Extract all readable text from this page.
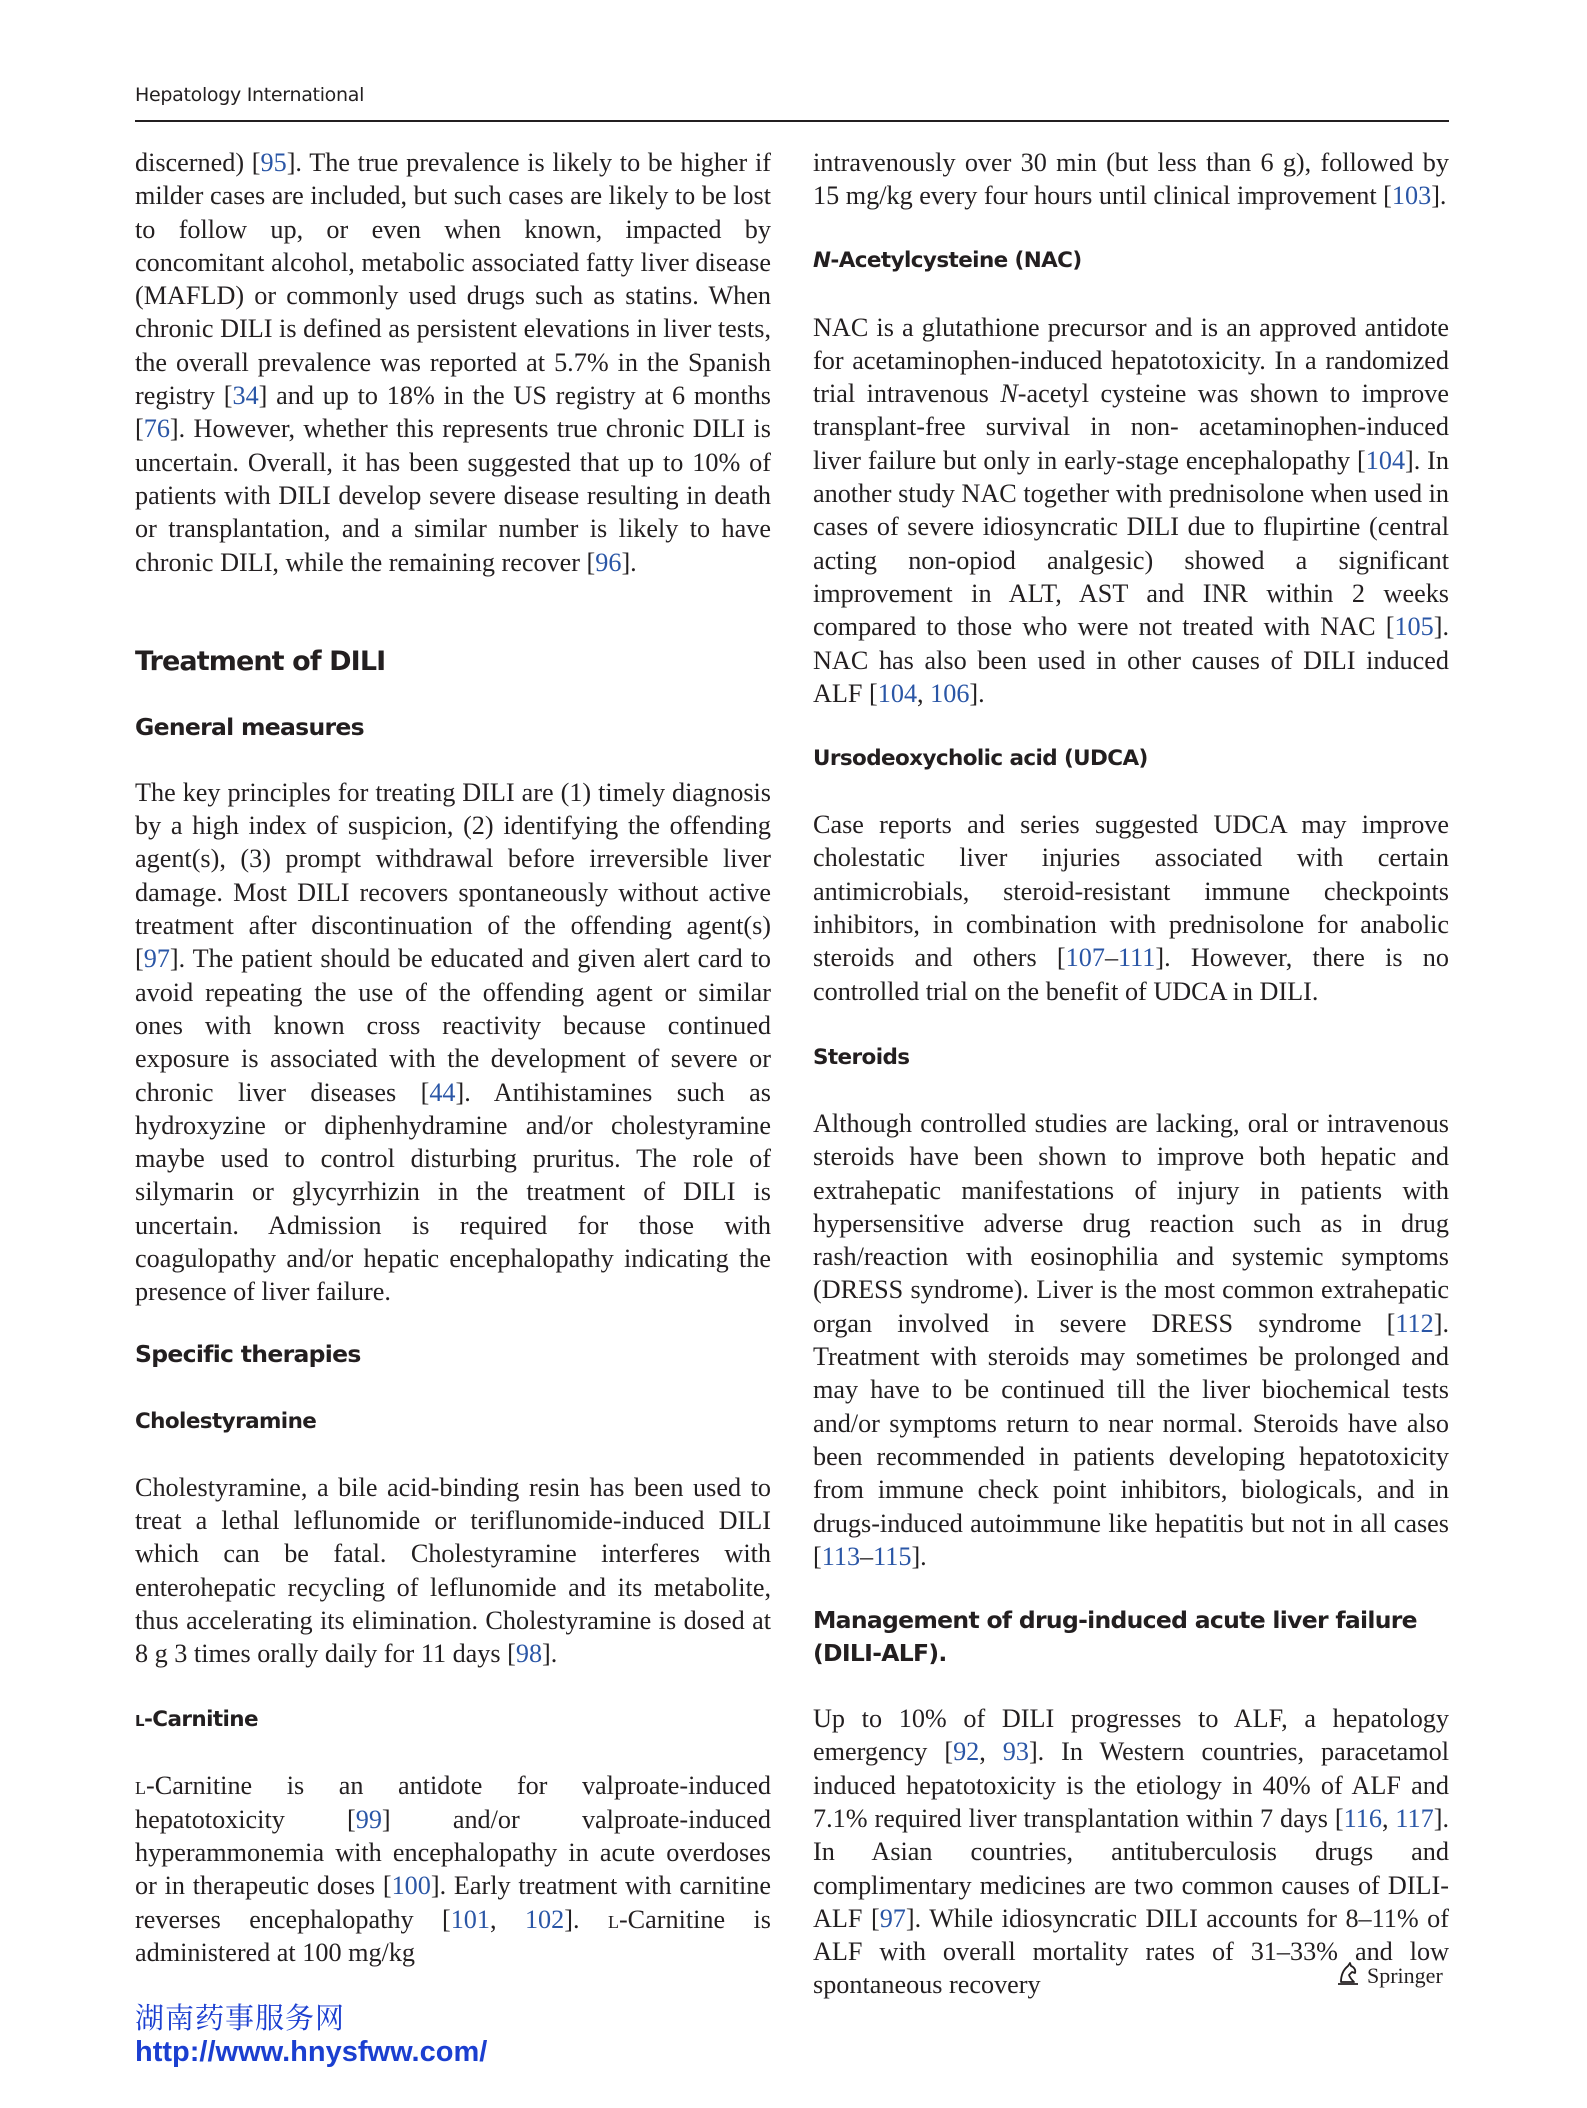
Hepatology International

discerned) [95]. The true prevalence is likely to be higher if milder cases are included, but such cases are likely to be lost to follow up, or even when known, impacted by concomitant alcohol, metabolic associated fatty liver disease (MAFLD) or commonly used drugs such as statins. When chronic DILI is defined as persistent elevations in liver tests, the overall prevalence was reported at 5.7% in the Spanish registry [34] and up to 18% in the US registry at 6 months [76]. However, whether this represents true chronic DILI is uncertain. Overall, it has been suggested that up to 10% of patients with DILI develop severe disease resulting in death or transplantation, and a similar number is likely to have chronic DILI, while the remaining recover [96].

Treatment of DILI
General measures

The key principles for treating DILI are (1) timely diagnosis by a high index of suspicion, (2) identifying the offending agent(s), (3) prompt withdrawal before irreversible liver damage. Most DILI recovers spontaneously without active treatment after discontinuation of the offending agent(s) [97]. The patient should be educated and given alert card to avoid repeating the use of the offending agent or similar ones with known cross reactivity because continued exposure is associated with the development of severe or chronic liver diseases [44]. Antihistamines such as hydroxyzine or diphenhydramine and/or cholestyramine maybe used to control disturbing pruritus. The role of silymarin or glycyrrhizin in the treatment of DILI is uncertain. Admission is required for those with coagulopathy and/or hepatic encephalopathy indicating the presence of liver failure.

Specific therapies
Cholestyramine

Cholestyramine, a bile acid-binding resin has been used to treat a lethal leflunomide or teriflunomide-induced DILI which can be fatal. Cholestyramine interferes with enterohepatic recycling of leflunomide and its metabolite, thus accelerating its elimination. Cholestyramine is dosed at 8 g 3 times orally daily for 11 days [98].

l-Carnitine

l-Carnitine is an antidote for valproate-induced hepatotoxicity [99] and/or valproate-induced hyperammonemia with encephalopathy in acute overdoses or in therapeutic doses [100]. Early treatment with carnitine reverses encephalopathy [101, 102]. l-Carnitine is administered at 100 mg/kg

intravenously over 30 min (but less than 6 g), followed by 15 mg/kg every four hours until clinical improvement [103].

N-Acetylcysteine (NAC)

NAC is a glutathione precursor and is an approved antidote for acetaminophen-induced hepatotoxicity. In a randomized trial intravenous N-acetyl cysteine was shown to improve transplant-free survival in non- acetaminophen-induced liver failure but only in early-stage encephalopathy [104]. In another study NAC together with prednisolone when used in cases of severe idiosyncratic DILI due to flupirtine (central acting non-opiod analgesic) showed a significant improvement in ALT, AST and INR within 2 weeks compared to those who were not treated with NAC [105]. NAC has also been used in other causes of DILI induced ALF [104, 106].

Ursodeoxycholic acid (UDCA)

Case reports and series suggested UDCA may improve cholestatic liver injuries associated with certain antimicrobials, steroid-resistant immune checkpoints inhibitors, in combination with prednisolone for anabolic steroids and others [107–111]. However, there is no controlled trial on the benefit of UDCA in DILI.

Steroids

Although controlled studies are lacking, oral or intravenous steroids have been shown to improve both hepatic and extrahepatic manifestations of injury in patients with hypersensitive adverse drug reaction such as in drug rash/reaction with eosinophilia and systemic symptoms (DRESS syndrome). Liver is the most common extrahepatic organ involved in severe DRESS syndrome [112]. Treatment with steroids may sometimes be prolonged and may have to be continued till the liver biochemical tests and/or symptoms return to near normal. Steroids have also been recommended in patients developing hepatotoxicity from immune check point inhibitors, biologicals, and in drugs-induced autoimmune like hepatitis but not in all cases [113–115].

Management of drug-induced acute liver failure
(DILI-ALF).

Up to 10% of DILI progresses to ALF, a hepatology emergency [92, 93]. In Western countries, paracetamol induced hepatotoxicity is the etiology in 40% of ALF and 7.1% required liver transplantation within 7 days [116, 117]. In Asian countries, antituberculosis drugs and complimentary medicines are two common causes of DILI-ALF [97]. While idiosyncratic DILI accounts for 8–11% of ALF with overall mortality rates of 31–33% and low spontaneous recovery	Springer
湖南药事服务网
http://www.hnysfww.com/
